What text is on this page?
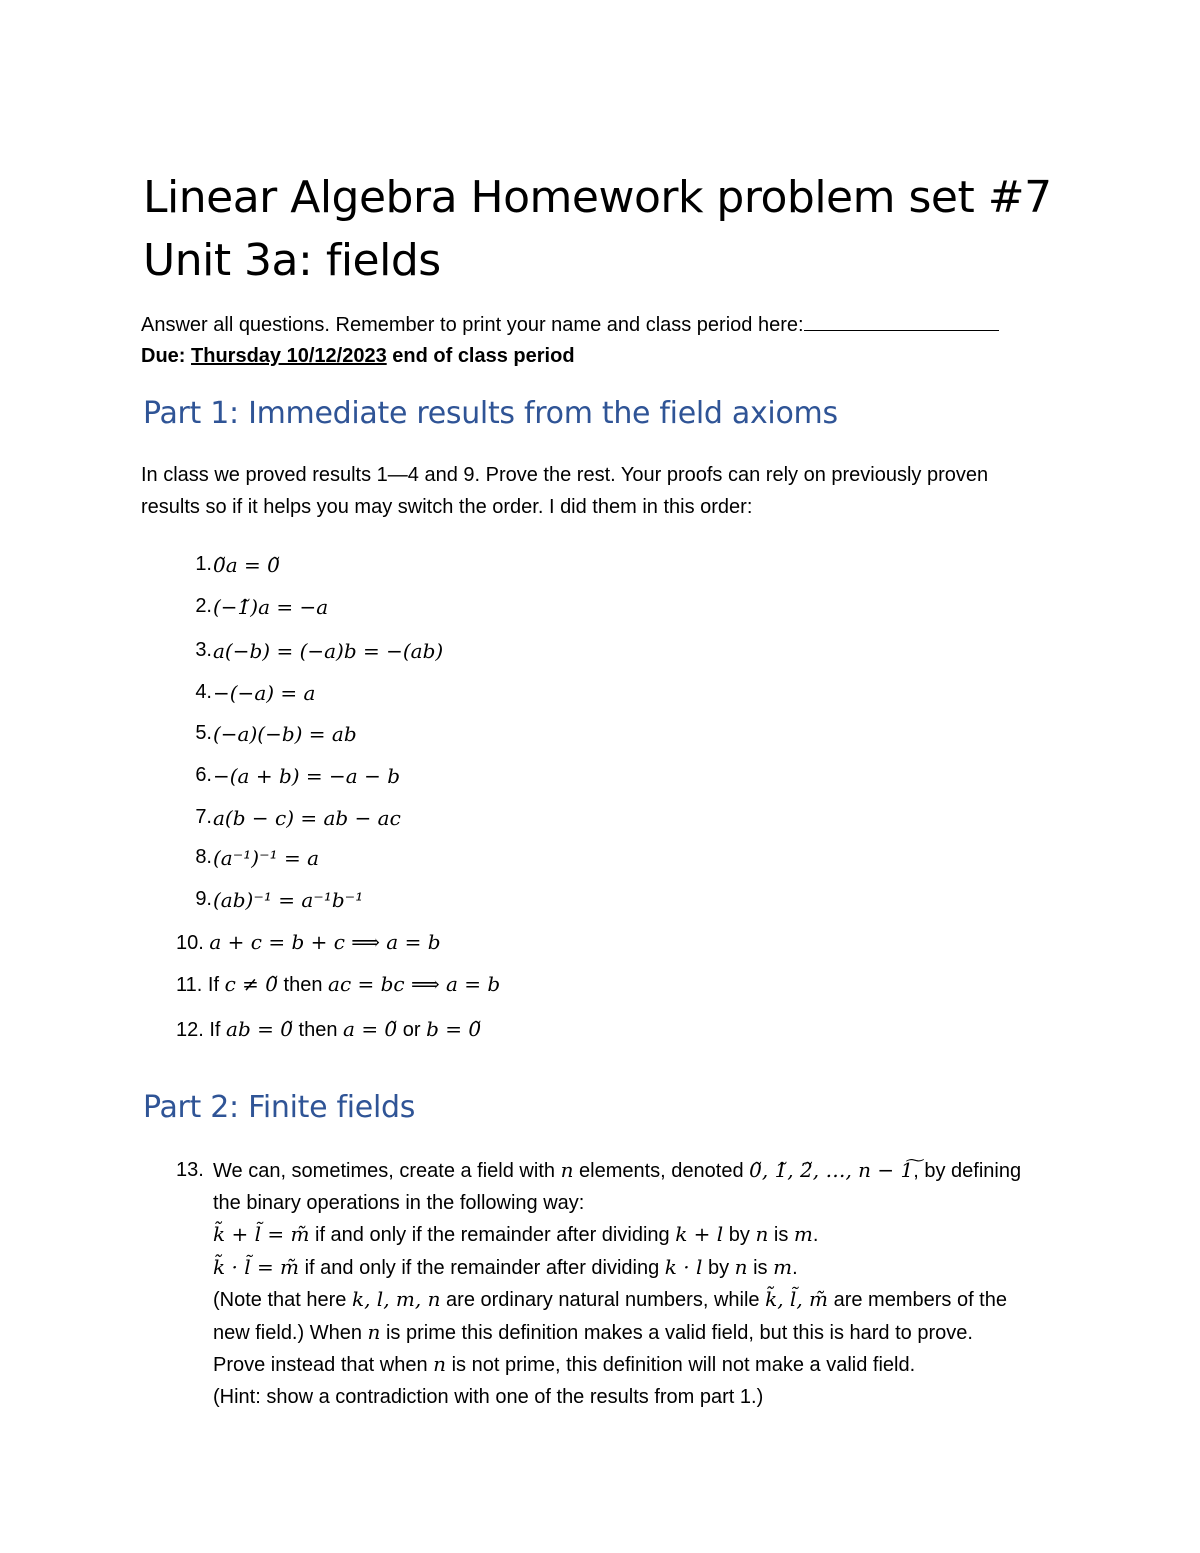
Linear Algebra Homework problem set #7
Unit 3a: fields
Answer all questions. Remember to print your name and class period here:
Due: Thursday 10/12/2023 end of class period
Part 1: Immediate results from the field axioms
In class we proved results 1—4 and 9. Prove the rest. Your proofs can rely on previously proven
results so if it helps you may switch the order. I did them in this order:
1. 0̃a = 0̃
2. (−1̃)a = −a
3. a(−b) = (−a)b = −(ab)
4. −(−a) = a
5. (−a)(−b) = ab
6. −(a + b) = −a − b
7. a(b − c) = ab − ac
8. (a⁻¹)⁻¹ = a
9. (ab)⁻¹ = a⁻¹b⁻¹
10. a + c = b + c ⟹ a = b
11. If c ≠ 0̃ then ac = bc ⟹ a = b
12. If ab = 0̃ then a = 0̃ or b = 0̃
Part 2: Finite fields
13. We can, sometimes, create a field with n elements, denoted 0̃, 1̃, 2̃, …, n − 1͠, by defining
the binary operations in the following way:
k̃ + l̃ = m̃ if and only if the remainder after dividing k + l by n is m.
k̃ · l̃ = m̃ if and only if the remainder after dividing k · l by n is m.
(Note that here k, l, m, n are ordinary natural numbers, while k̃, l̃, m̃ are members of the
new field.) When n is prime this definition makes a valid field, but this is hard to prove.
Prove instead that when n is not prime, this definition will not make a valid field.
(Hint: show a contradiction with one of the results from part 1.)
